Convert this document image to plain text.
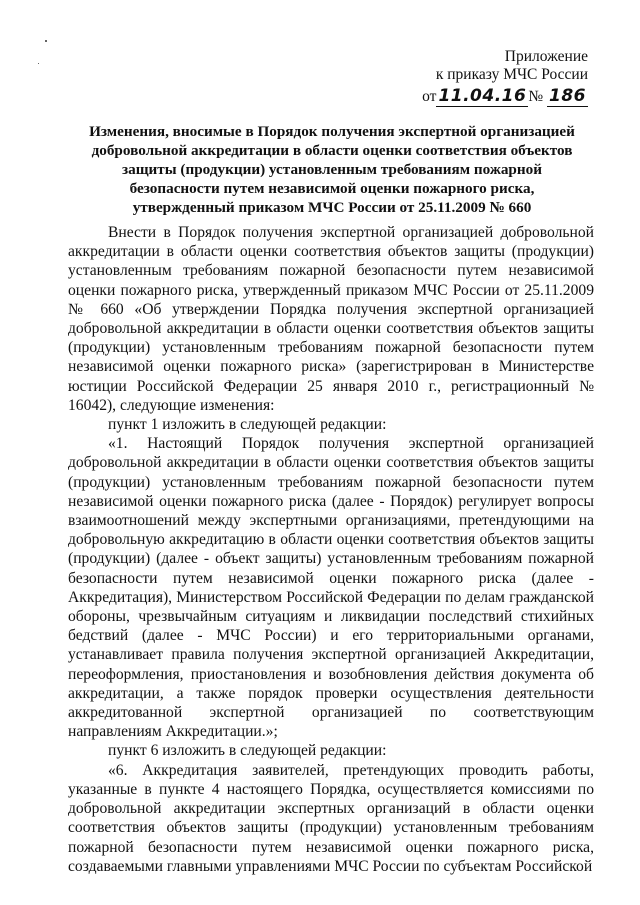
Приложение
к приказу МЧС России
от 11.04.16 № 186
Изменения, вносимые в Порядок получения экспертной организацией добровольной аккредитации в области оценки соответствия объектов защиты (продукции) установленным требованиям пожарной безопасности путем независимой оценки пожарного риска, утвержденный приказом МЧС России от 25.11.2009 № 660

Внести в Порядок получения экспертной организацией добровольной аккредитации в области оценки соответствия объектов защиты (продукции) установленным требованиям пожарной безопасности путем независимой оценки пожарного риска, утвержденный приказом МЧС России от 25.11.2009 № 660 «Об утверждении Порядка получения экспертной организацией добровольной аккредитации в области оценки соответствия объектов защиты (продукции) установленным требованиям пожарной безопасности путем независимой оценки пожарного риска» (зарегистрирован в Министерстве юстиции Российской Федерации 25 января 2010 г., регистрационный № 16042), следующие изменения:

пункт 1 изложить в следующей редакции:

«1. Настоящий Порядок получения экспертной организацией добровольной аккредитации в области оценки соответствия объектов защиты (продукции) установленным требованиям пожарной безопасности путем независимой оценки пожарного риска (далее - Порядок) регулирует вопросы взаимоотношений между экспертными организациями, претендующими на добровольную аккредитацию в области оценки соответствия объектов защиты (продукции) (далее - объект защиты) установленным требованиям пожарной безопасности путем независимой оценки пожарного риска (далее - Аккредитация), Министерством Российской Федерации по делам гражданской обороны, чрезвычайным ситуациям и ликвидации последствий стихийных бедствий (далее - МЧС России) и его территориальными органами, устанавливает правила получения экспертной организацией Аккредитации, переоформления, приостановления и возобновления действия документа об аккредитации, а также порядок проверки осуществления деятельности аккредитованной экспертной организацией по соответствующим направлениям Аккредитации.»;

пункт 6 изложить в следующей редакции:

«6. Аккредитация заявителей, претендующих проводить работы, указанные в пункте 4 настоящего Порядка, осуществляется комиссиями по добровольной аккредитации экспертных организаций в области оценки соответствия объектов защиты (продукции) установленным требованиям пожарной безопасности путем независимой оценки пожарного риска, создаваемыми главными управлениями МЧС России по субъектам Российской
